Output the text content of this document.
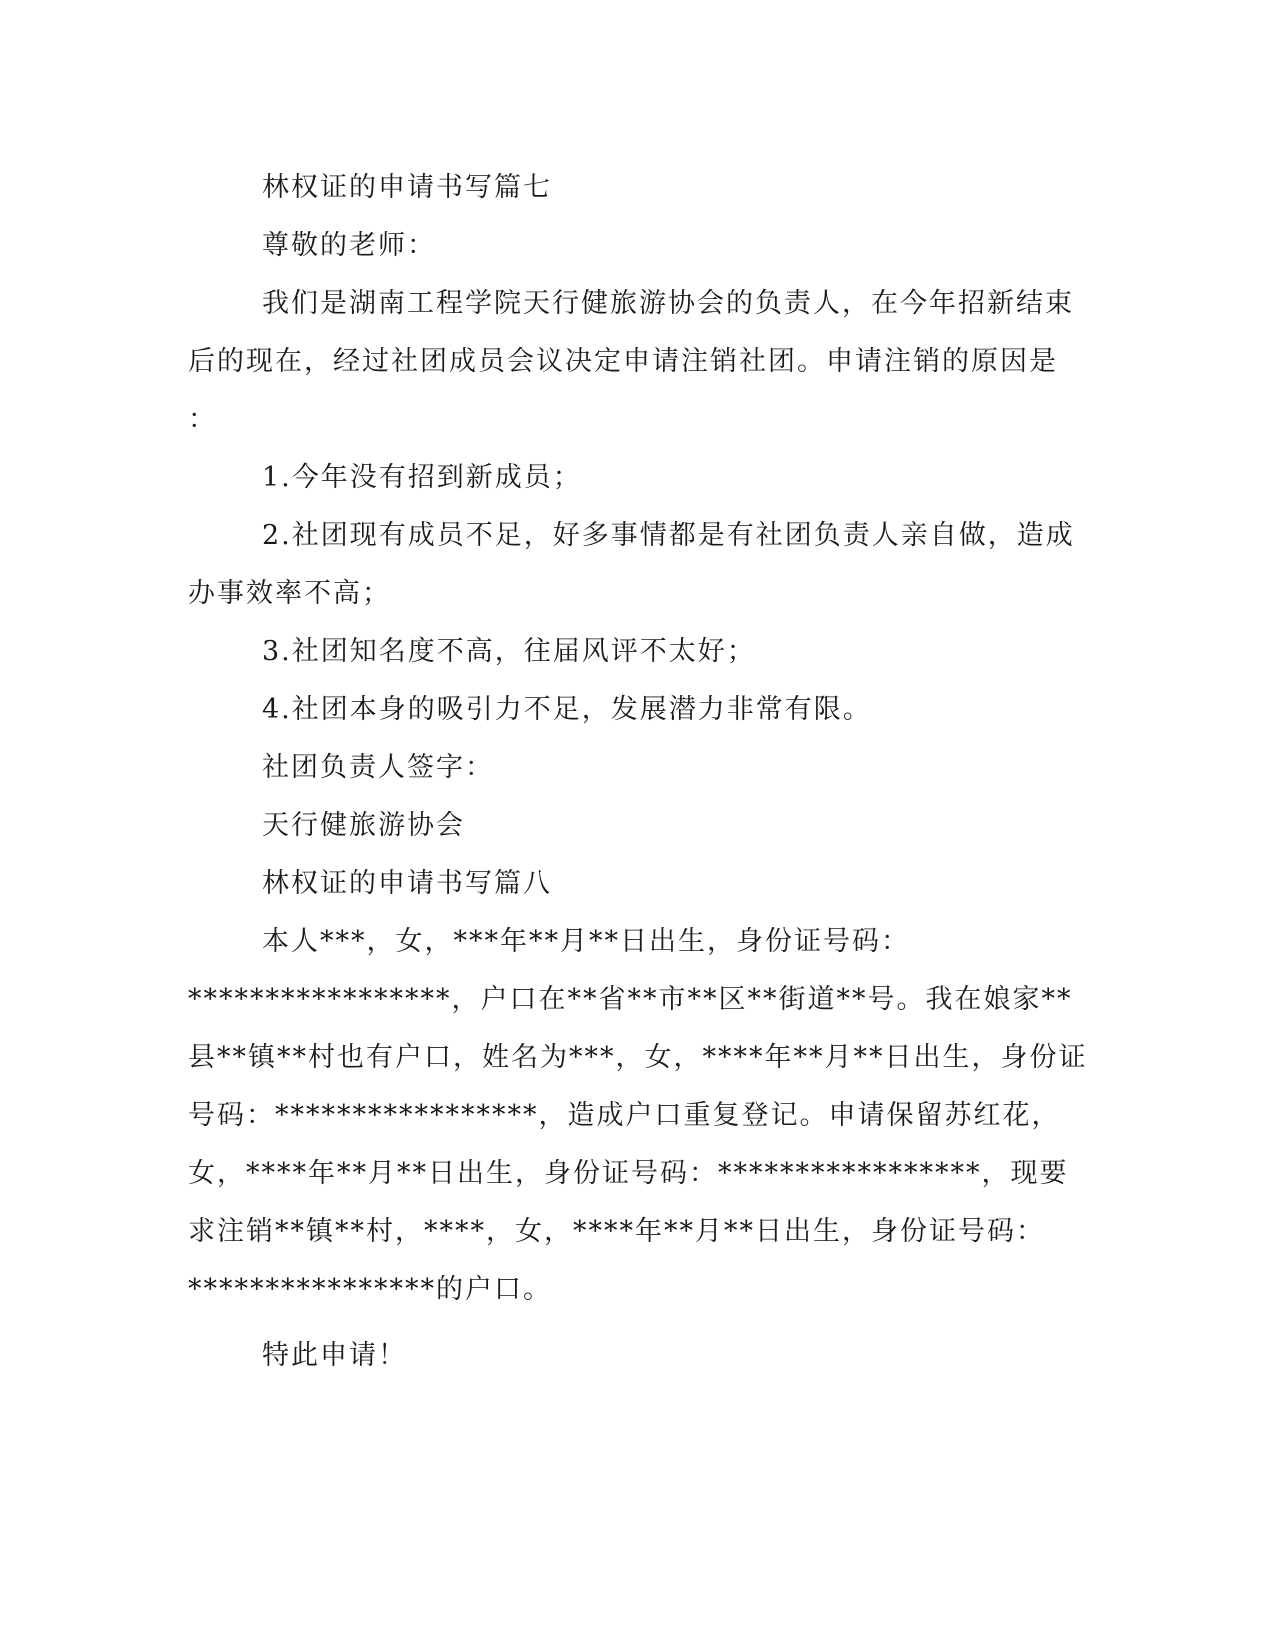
林权证的申请书写篇七
尊敬的老师：
我们是湖南工程学院天行健旅游协会的负责人，在今年招新结束
后的现在，经过社团成员会议决定申请注销社团。申请注销的原因是
：
1.今年没有招到新成员；
2.社团现有成员不足，好多事情都是有社团负责人亲自做，造成
办事效率不高；
3.社团知名度不高，往届风评不太好；
4.社团本身的吸引力不足，发展潜力非常有限。
社团负责人签字：
天行健旅游协会
林权证的申请书写篇八
本人***，女，***年**月**日出生，身份证号码：
*****************，户口在**省**市**区**街道**号。我在娘家**
县**镇**村也有户口，姓名为***，女，****年**月**日出生，身份证
号码：*****************，造成户口重复登记。申请保留苏红花，
女，****年**月**日出生，身份证号码：*****************，现要
求注销**镇**村，****，女，****年**月**日出生，身份证号码：
****************的户口。
特此申请！
